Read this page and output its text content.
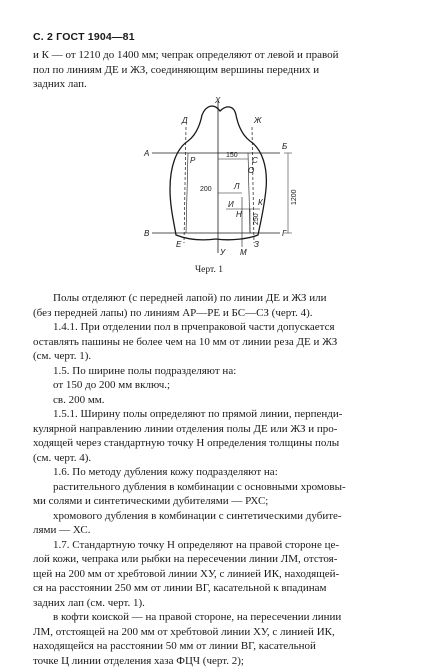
С. 2 ГОСТ 1904—81
и К — от 1210 до 1400 мм; чепрак определяют от левой и правой
пол по линиям ДЕ и ЖЗ, соединяющим вершины передних и
задних лап.
Х
Д	Ж
А
Б
Р
О
С
Л
И	К
Н
В	Г
Е	З
У М
150
200
250
1200
Черт. 1
Полы отделяют (с передней лапой) по линии ДЕ и ЖЗ или
(без передней лапы) по линиям АР—РЕ и БС—СЗ (черт. 4).
1.4.1. При отделении пол в прчепраковой части допускается
оставлять пашины не более чем на 10 мм от линии реза ДЕ и ЖЗ
(см. черт. 1).
1.5. По ширине полы подразделяют на:
от 150 до 200 мм включ.;
св. 200 мм.
1.5.1. Ширину полы определяют по прямой линии, перпенди-
кулярной направлению линии отделения полы ДЕ или ЖЗ и про-
ходящей через стандартную точку Н определения толщины полы
(см. черт. 4).
1.6. По методу дубления кожу подразделяют на:
растительного дубления в комбинации с основными хромовы-
ми солями и синтетическими дубителями — РХС;
хромового дубления в комбинации с синтетическими дубите-
лями — ХС.
1.7. Стандартную точку Н определяют на правой стороне це-
лой кожи, чепрака или рыбки на пересечении линии ЛМ, отстоя-
щей на 200 мм от хребтовой линии ХУ, с линией ИК, находящей-
ся на расстоянии 250 мм от линии ВГ, касательной к впадинам
задних лап (см. черт. 1).
в кофти коиской — на правой стороне, на пересечении линии
ЛМ, отстоящей на 200 мм от хребтовой линии ХУ, с линией ИК,
находящейся на расстоянии 50 мм от линии ВГ, касательной
точке Ц линии отделения хаза ФЦЧ (черт. 2);
